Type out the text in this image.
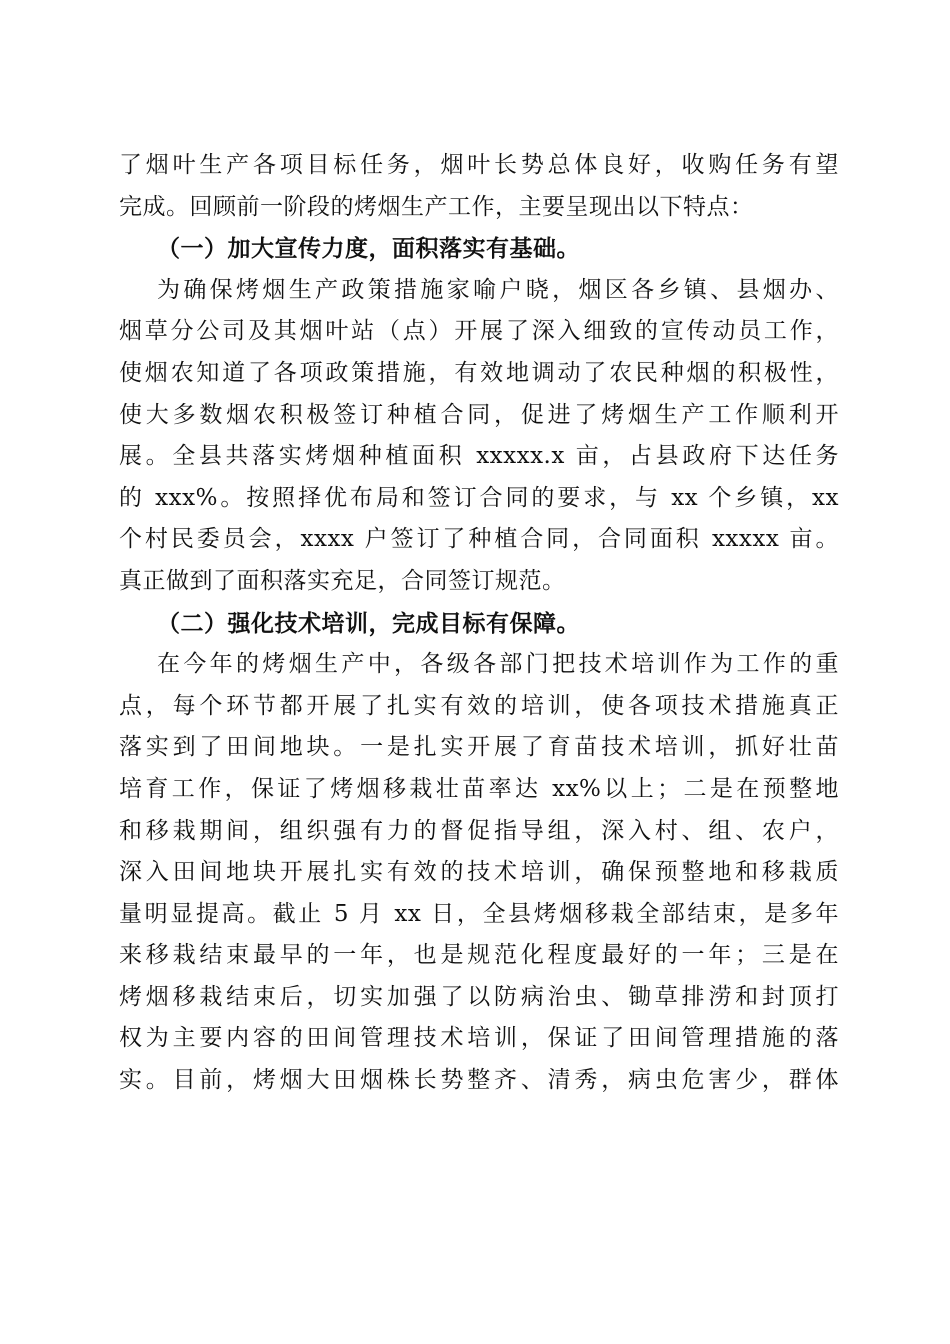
了烟叶生产各项目标任务，烟叶长势总体良好，收购任务有望
完成。回顾前一阶段的烤烟生产工作，主要呈现出以下特点：
（一）加大宣传力度，面积落实有基础。
为确保烤烟生产政策措施家喻户晓，烟区各乡镇、县烟办、
烟草分公司及其烟叶站（点）开展了深入细致的宣传动员工作，
使烟农知道了各项政策措施，有效地调动了农民种烟的积极性，
使大多数烟农积极签订种植合同，促进了烤烟生产工作顺利开
展。全县共落实烤烟种植面积 xxxxx.x 亩，占县政府下达任务
的 xxx%。按照择优布局和签订合同的要求，与 xx 个乡镇，xx
个村民委员会，xxxx 户签订了种植合同，合同面积 xxxxx 亩。
真正做到了面积落实充足，合同签订规范。
（二）强化技术培训，完成目标有保障。
在今年的烤烟生产中，各级各部门把技术培训作为工作的重
点，每个环节都开展了扎实有效的培训，使各项技术措施真正
落实到了田间地块。一是扎实开展了育苗技术培训，抓好壮苗
培育工作，保证了烤烟移栽壮苗率达 xx%以上；二是在预整地
和移栽期间，组织强有力的督促指导组，深入村、组、农户，
深入田间地块开展扎实有效的技术培训，确保预整地和移栽质
量明显提高。截止 5 月 xx 日，全县烤烟移栽全部结束，是多年
来移栽结束最早的一年，也是规范化程度最好的一年；三是在
烤烟移栽结束后，切实加强了以防病治虫、锄草排涝和封顶打
权为主要内容的田间管理技术培训，保证了田间管理措施的落
实。目前，烤烟大田烟株长势整齐、清秀，病虫危害少，群体
